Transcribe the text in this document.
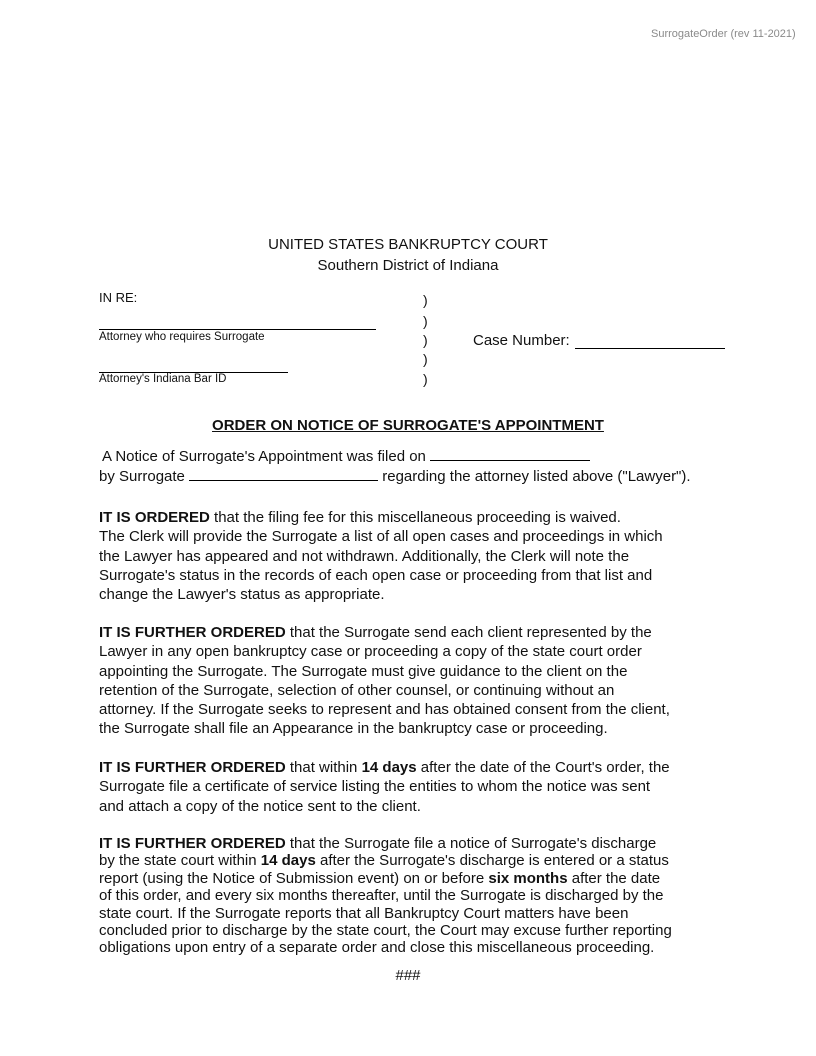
SurrogateOrder (rev 11-2021)
UNITED STATES BANKRUPTCY COURT
Southern District of Indiana
IN RE:
Attorney who requires Surrogate
Attorney's Indiana Bar ID
)
)
)
)
)
Case Number:
ORDER ON NOTICE OF SURROGATE'S APPOINTMENT

A Notice of Surrogate's Appointment was filed on

by Surrogate	regarding the attorney listed above ("Lawyer").

IT IS ORDERED that the filing fee for this miscellaneous proceeding is waived.

The Clerk will provide the Surrogate a list of all open cases and proceedings in which

the Lawyer has appeared and not withdrawn. Additionally, the Clerk will note the

Surrogate's status in the records of each open case or proceeding from that list and

change the Lawyer's status as appropriate.

IT IS FURTHER ORDERED that the Surrogate send each client represented by the

Lawyer in any open bankruptcy case or proceeding a copy of the state court order

appointing the Surrogate. The Surrogate must give guidance to the client on the

retention of the Surrogate, selection of other counsel, or continuing without an

attorney. If the Surrogate seeks to represent and has obtained consent from the client,

the Surrogate shall file an Appearance in the bankruptcy case or proceeding.

IT IS FURTHER ORDERED that within 14 days after the date of the Court's order, the

Surrogate file a certificate of service listing the entities to whom the notice was sent

and attach a copy of the notice sent to the client.

IT IS FURTHER ORDERED that the Surrogate file a notice of Surrogate's discharge

by the state court within 14 days after the Surrogate's discharge is entered or a status

report (using the Notice of Submission event) on or before six months after the date

of this order, and every six months thereafter, until the Surrogate is discharged by the

state court. If the Surrogate reports that all Bankruptcy Court matters have been

concluded prior to discharge by the state court, the Court may excuse further reporting

obligations upon entry of a separate order and close this miscellaneous proceeding.

###
